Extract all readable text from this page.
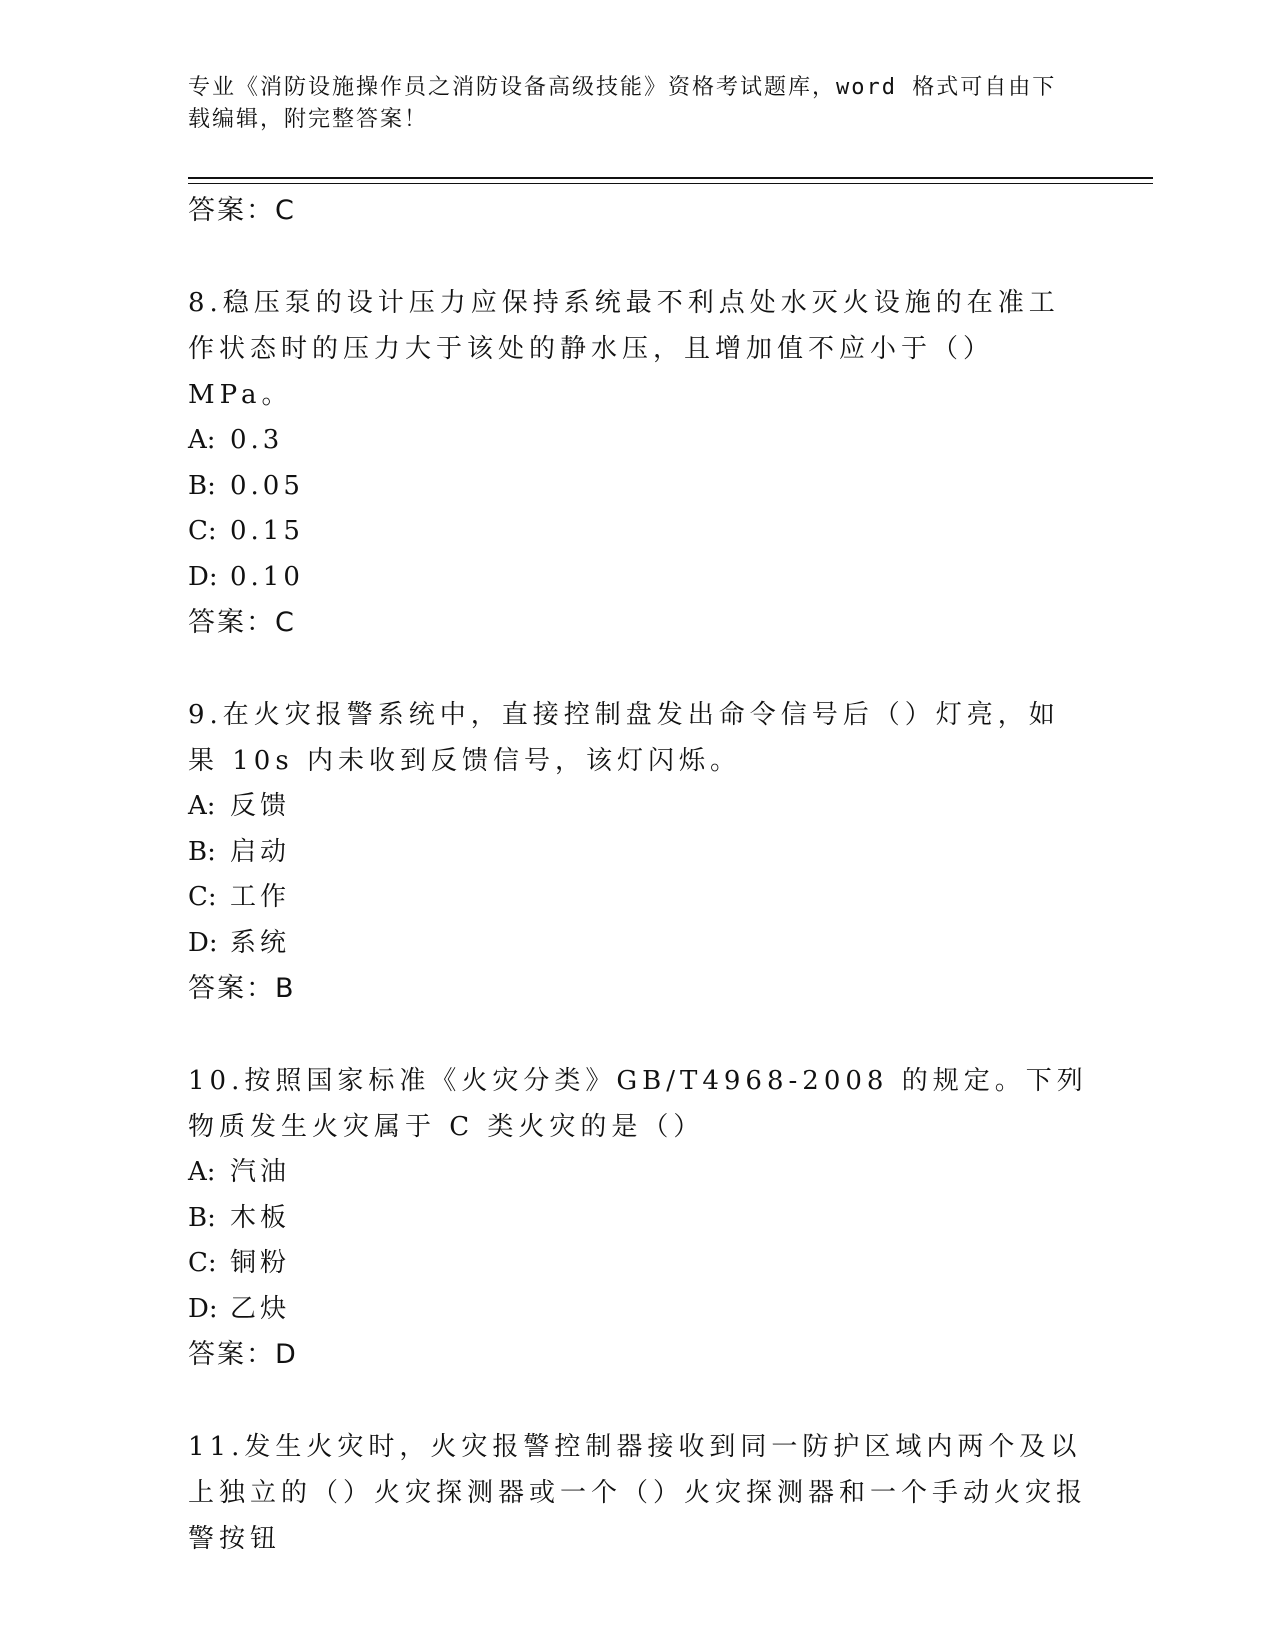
专业《消防设施操作员之消防设备高级技能》资格考试题库，word 格式可自由下
载编辑，附完整答案！
答案：C
8.稳压泵的设计压力应保持系统最不利点处水灭火设施的在准工作状态时的压力大于该处的静水压，且增加值不应小于（）MPa。
A: 0.3
B: 0.05
C: 0.15
D: 0.10
答案：C
9.在火灾报警系统中，直接控制盘发出命令信号后（）灯亮，如果 10s 内未收到反馈信号，该灯闪烁。
A: 反馈
B: 启动
C: 工作
D: 系统
答案：B
10.按照国家标准《火灾分类》GB/T4968-2008 的规定。下列物质发生火灾属于 C 类火灾的是（）
A: 汽油
B: 木板
C: 铜粉
D: 乙炔
答案：D
11.发生火灾时，火灾报警控制器接收到同一防护区域内两个及以上独立的（）火灾探测器或一个（）火灾探测器和一个手动火灾报警按钮
